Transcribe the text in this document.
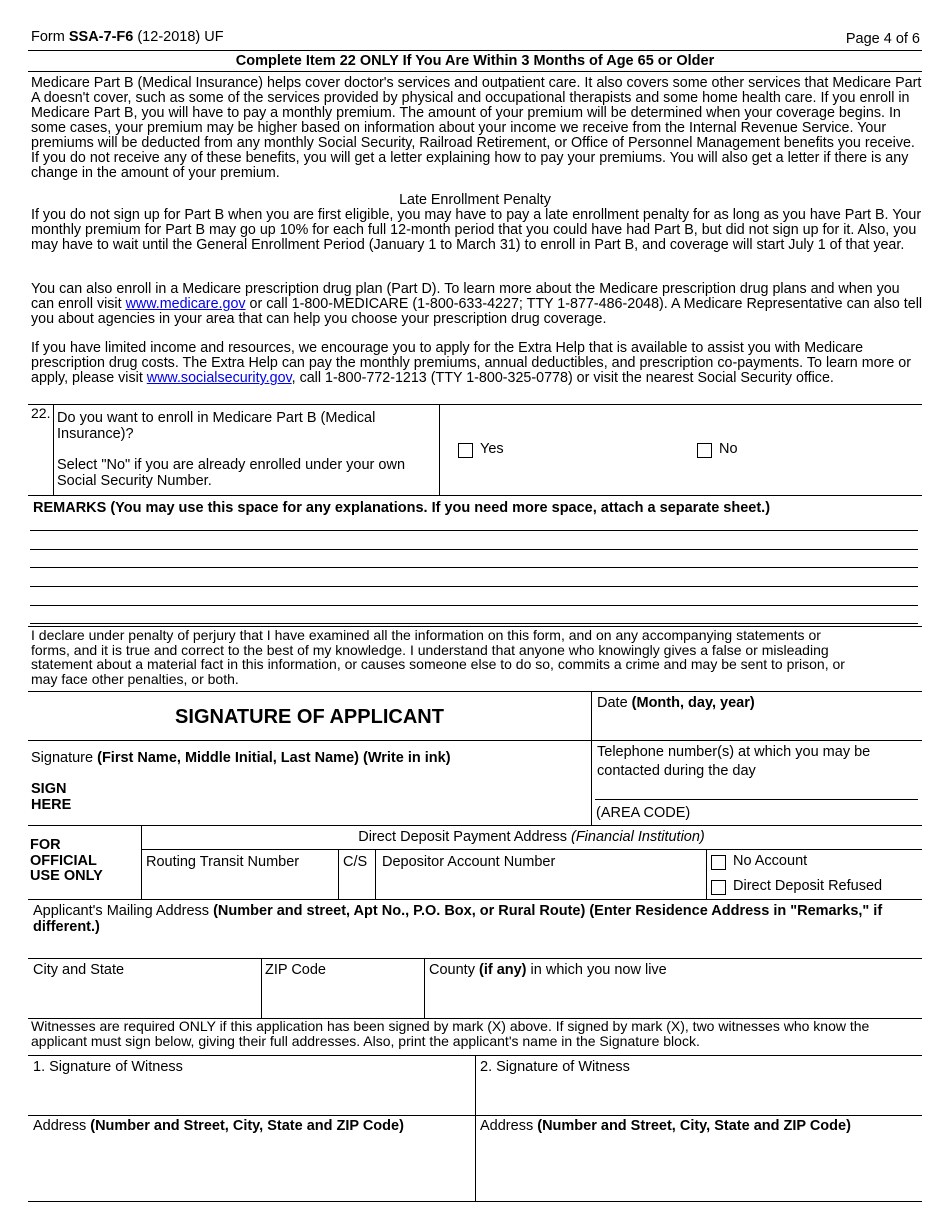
Form SSA-7-F6 (12-2018) UF	Page 4 of 6
Complete Item 22 ONLY If You Are Within 3 Months of Age 65 or Older
Medicare Part B (Medical Insurance) helps cover doctor's services and outpatient care. It also covers some other services that Medicare Part A doesn't cover, such as some of the services provided by physical and occupational therapists and some home health care. If you enroll in Medicare Part B, you will have to pay a monthly premium. The amount of your premium will be determined when your coverage begins. In some cases, your premium may be higher based on information about your income we receive from the Internal Revenue Service. Your premiums will be deducted from any monthly Social Security, Railroad Retirement, or Office of Personnel Management benefits you receive. If you do not receive any of these benefits, you will get a letter explaining how to pay your premiums. You will also get a letter if there is any change in the amount of your premium.
Late Enrollment Penalty
If you do not sign up for Part B when you are first eligible, you may have to pay a late enrollment penalty for as long as you have Part B. Your monthly premium for Part B may go up 10% for each full 12-month period that you could have had Part B, but did not sign up for it. Also, you may have to wait until the General Enrollment Period (January 1 to March 31) to enroll in Part B, and coverage will start July 1 of that year.
You can also enroll in a Medicare prescription drug plan (Part D). To learn more about the Medicare prescription drug plans and when you can enroll visit www.medicare.gov or call 1-800-MEDICARE (1-800-633-4227; TTY 1-877-486-2048). A Medicare Representative can also tell you about agencies in your area that can help you choose your prescription drug coverage.
If you have limited income and resources, we encourage you to apply for the Extra Help that is available to assist you with Medicare prescription drug costs. The Extra Help can pay the monthly premiums, annual deductibles, and prescription co-payments. To learn more or apply, please visit www.socialsecurity.gov, call 1-800-772-1213 (TTY 1-800-325-0778) or visit the nearest Social Security office.
22. Do you want to enroll in Medicare Part B (Medical Insurance)?
Select "No" if you are already enrolled under your own Social Security Number.
Yes	No
REMARKS (You may use this space for any explanations. If you need more space, attach a separate sheet.)
I declare under penalty of perjury that I have examined all the information on this form, and on any accompanying statements or forms, and it is true and correct to the best of my knowledge. I understand that anyone who knowingly gives a false or misleading statement about a material fact in this information, or causes someone else to do so, commits a crime and may be sent to prison, or may face other penalties, or both.
SIGNATURE OF APPLICANT
Date (Month, day, year)
Signature (First Name, Middle Initial, Last Name) (Write in ink)
SIGN HERE
Telephone number(s) at which you may be contacted during the day
(AREA CODE)
FOR OFFICIAL USE ONLY
Direct Deposit Payment Address (Financial Institution)
Routing Transit Number	C/S Depositor Account Number	No Account
Direct Deposit Refused
Applicant's Mailing Address (Number and street, Apt No., P.O. Box, or Rural Route) (Enter Residence Address in "Remarks," if different.)
City and State	ZIP Code	County (if any) in which you now live
Witnesses are required ONLY if this application has been signed by mark (X) above. If signed by mark (X), two witnesses who know the applicant must sign below, giving their full addresses. Also, print the applicant's name in the Signature block.
1. Signature of Witness	2. Signature of Witness
Address (Number and Street, City, State and ZIP Code)	Address (Number and Street, City, State and ZIP Code)
